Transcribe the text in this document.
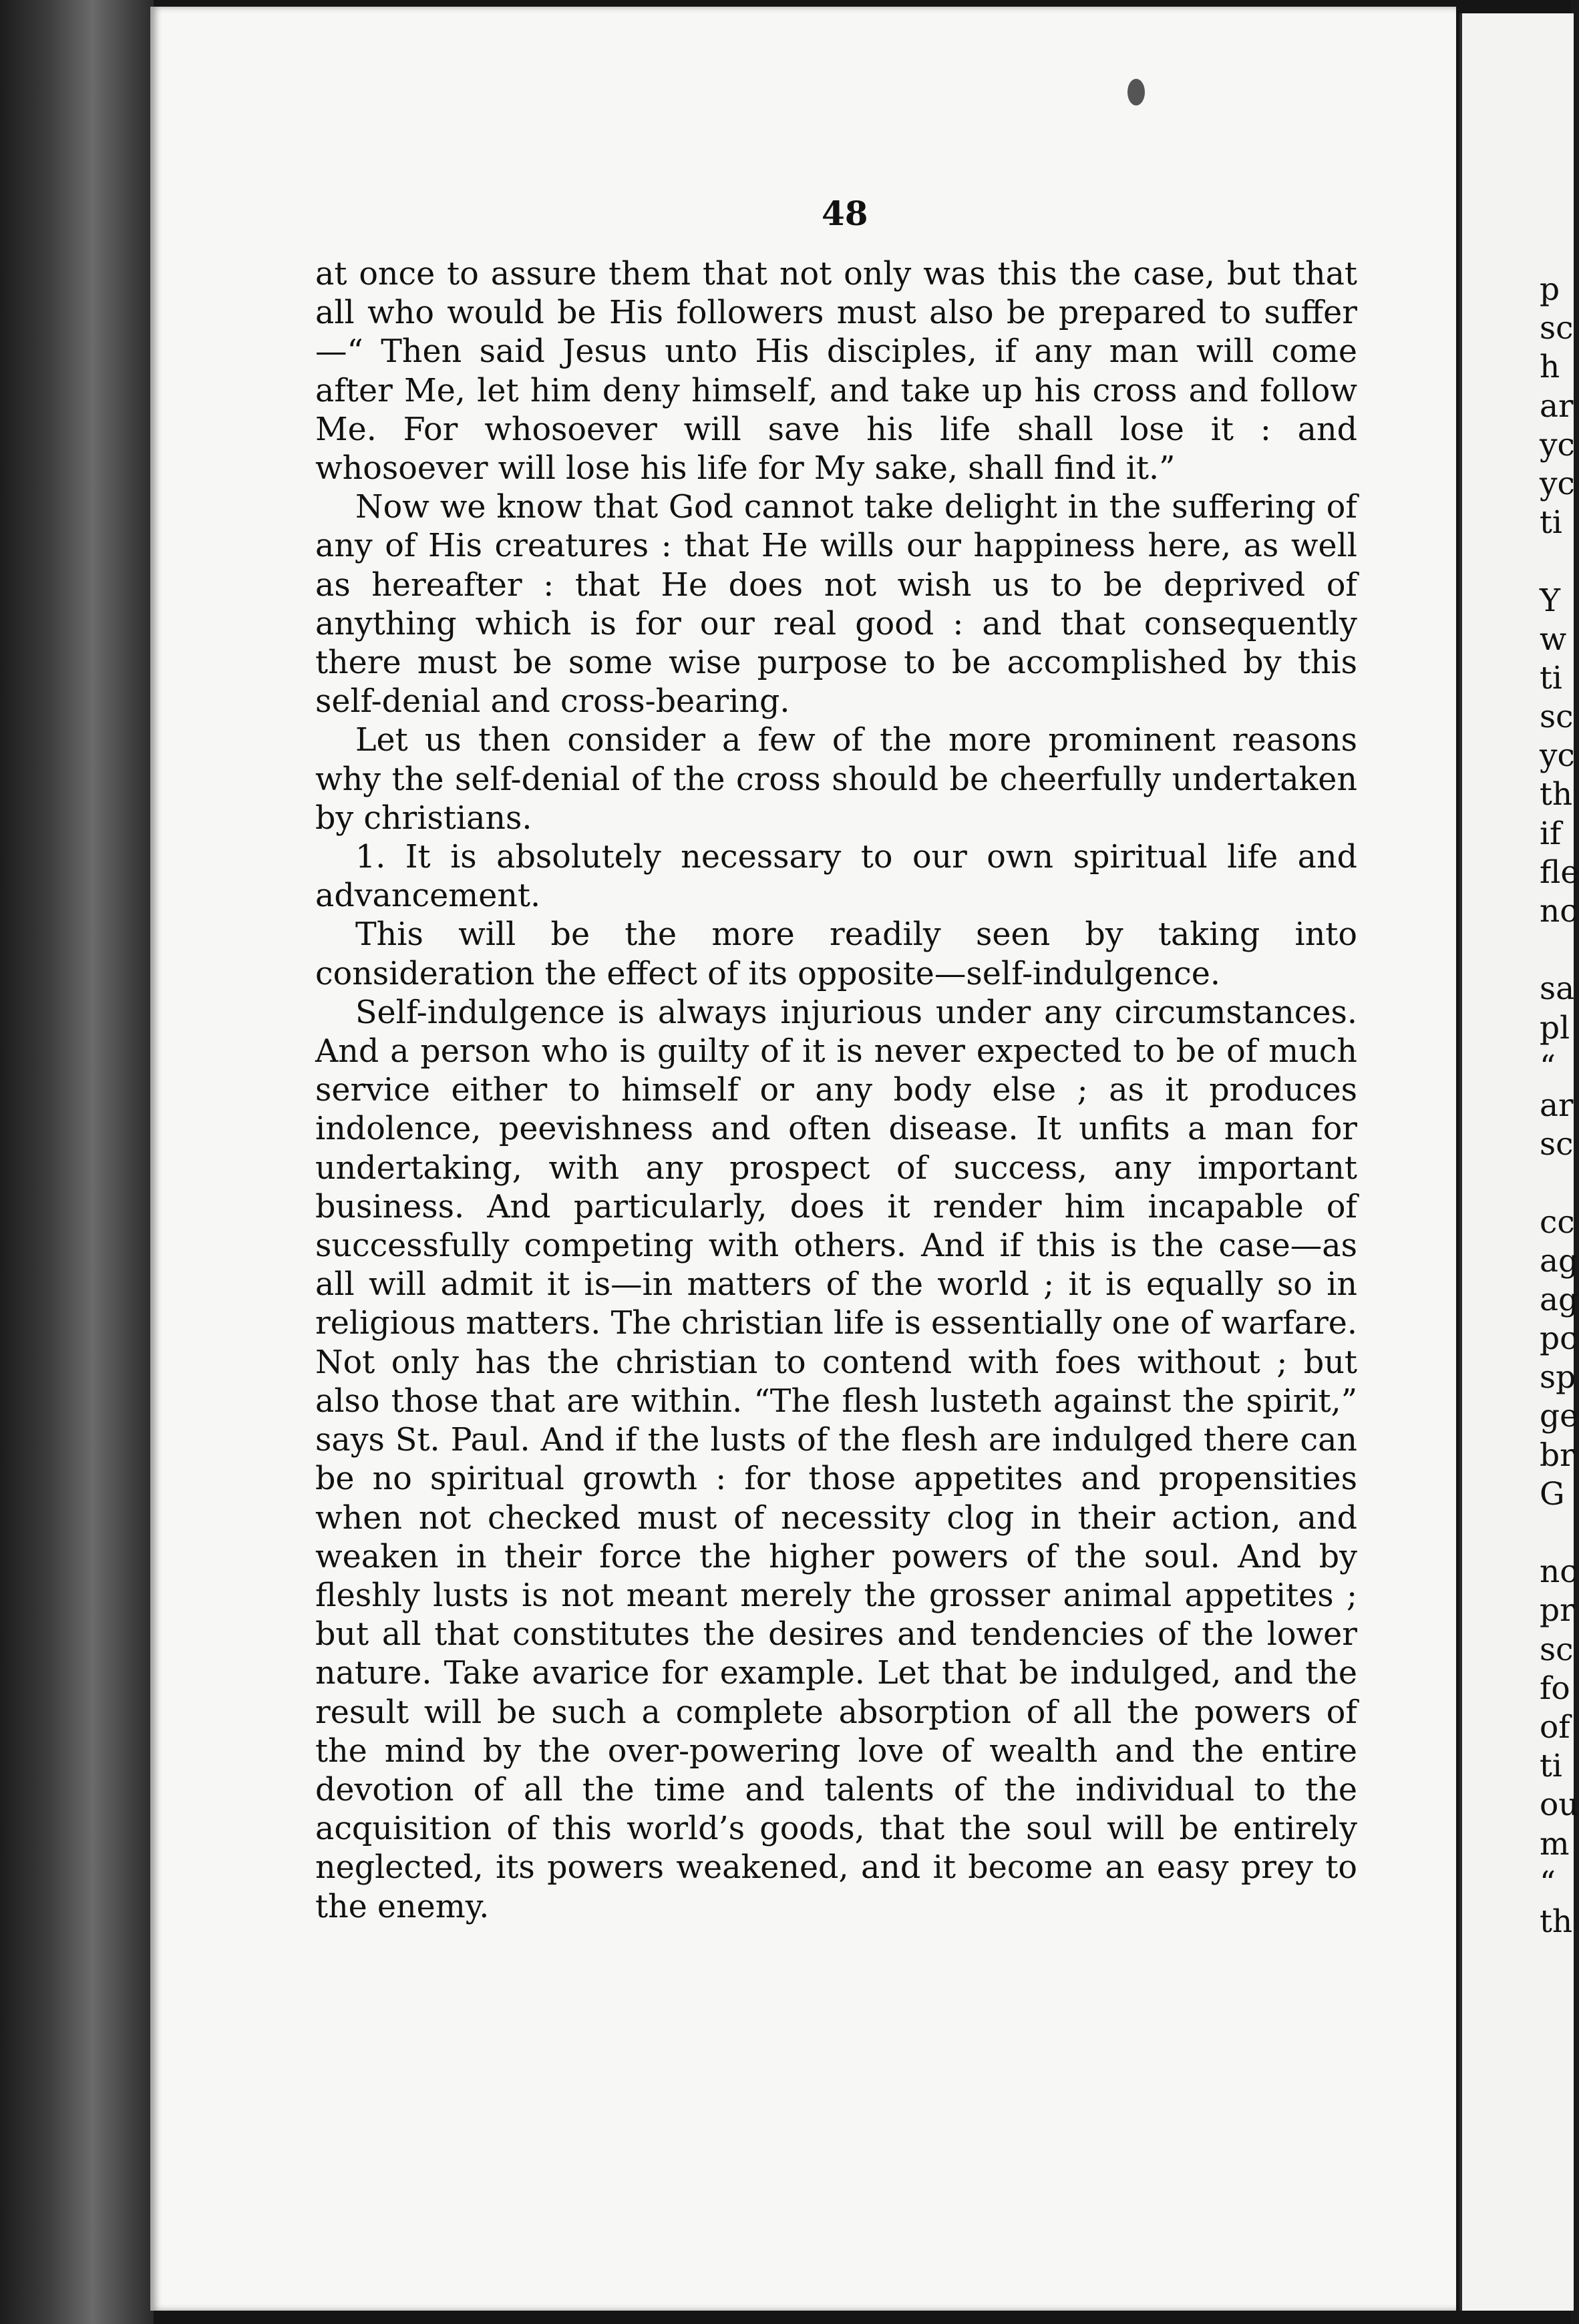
48

at once to assure them that not only was this the case, but that all who would be His followers must also be prepared to suffer—“ Then said Jesus unto His disciples, if any man will come after Me, let him deny himself, and take up his cross and follow Me. For whosoever will save his life shall lose it : and whosoever will lose his life for My sake, shall find it.”

Now we know that God cannot take delight in the suffering of any of His creatures : that He wills our happiness here, as well as hereafter : that He does not wish us to be deprived of anything which is for our real good : and that consequently there must be some wise purpose to be accomplished by this self-denial and cross-bearing.

Let us then consider a few of the more prominent reasons why the self-denial of the cross should be cheerfully undertaken by christians.

1. It is absolutely necessary to our own spiritual life and advancement.

This will be the more readily seen by taking into consideration the effect of its opposite—self-indulgence.

Self-indulgence is always injurious under any circumstances. And a person who is guilty of it is never expected to be of much service either to himself or any body else ; as it produces indolence, peevishness and often disease. It unfits a man for undertaking, with any prospect of success, any important business. And particularly, does it render him incapable of successfully competing with others. And if this is the case—as all will admit it is—in matters of the world ; it is equally so in religious matters. The christian life is essentially one of warfare. Not only has the christian to contend with foes without ; but also those that are within. “The flesh lusteth against the spirit,” says St. Paul. And if the lusts of the flesh are indulged there can be no spiritual growth : for those appetites and propensities when not checked must of necessity clog in their action, and weaken in their force the higher powers of the soul. And by fleshly lusts is not meant merely the grosser animal appetites ; but all that constitutes the desires and tendencies of the lower nature. Take avarice for example. Let that be indulged, and the result will be such a complete absorption of all the powers of the mind by the over-powering love of wealth and the entire devotion of all the time and talents of the individual to the acquisition of this world’s goods, that the soul will be entirely neglected, its powers weakened, and it become an easy prey to the enemy.

p
sc
h
ar
yc
yc
ti
Y
w
ti
sc
yc
th
if
fle
nc
sa
pl
“
ar
sc
cc
ag
ag
pc
sp
ge
br
G
nc
pr
sc
fo
of
ti
ou
m
“
th
